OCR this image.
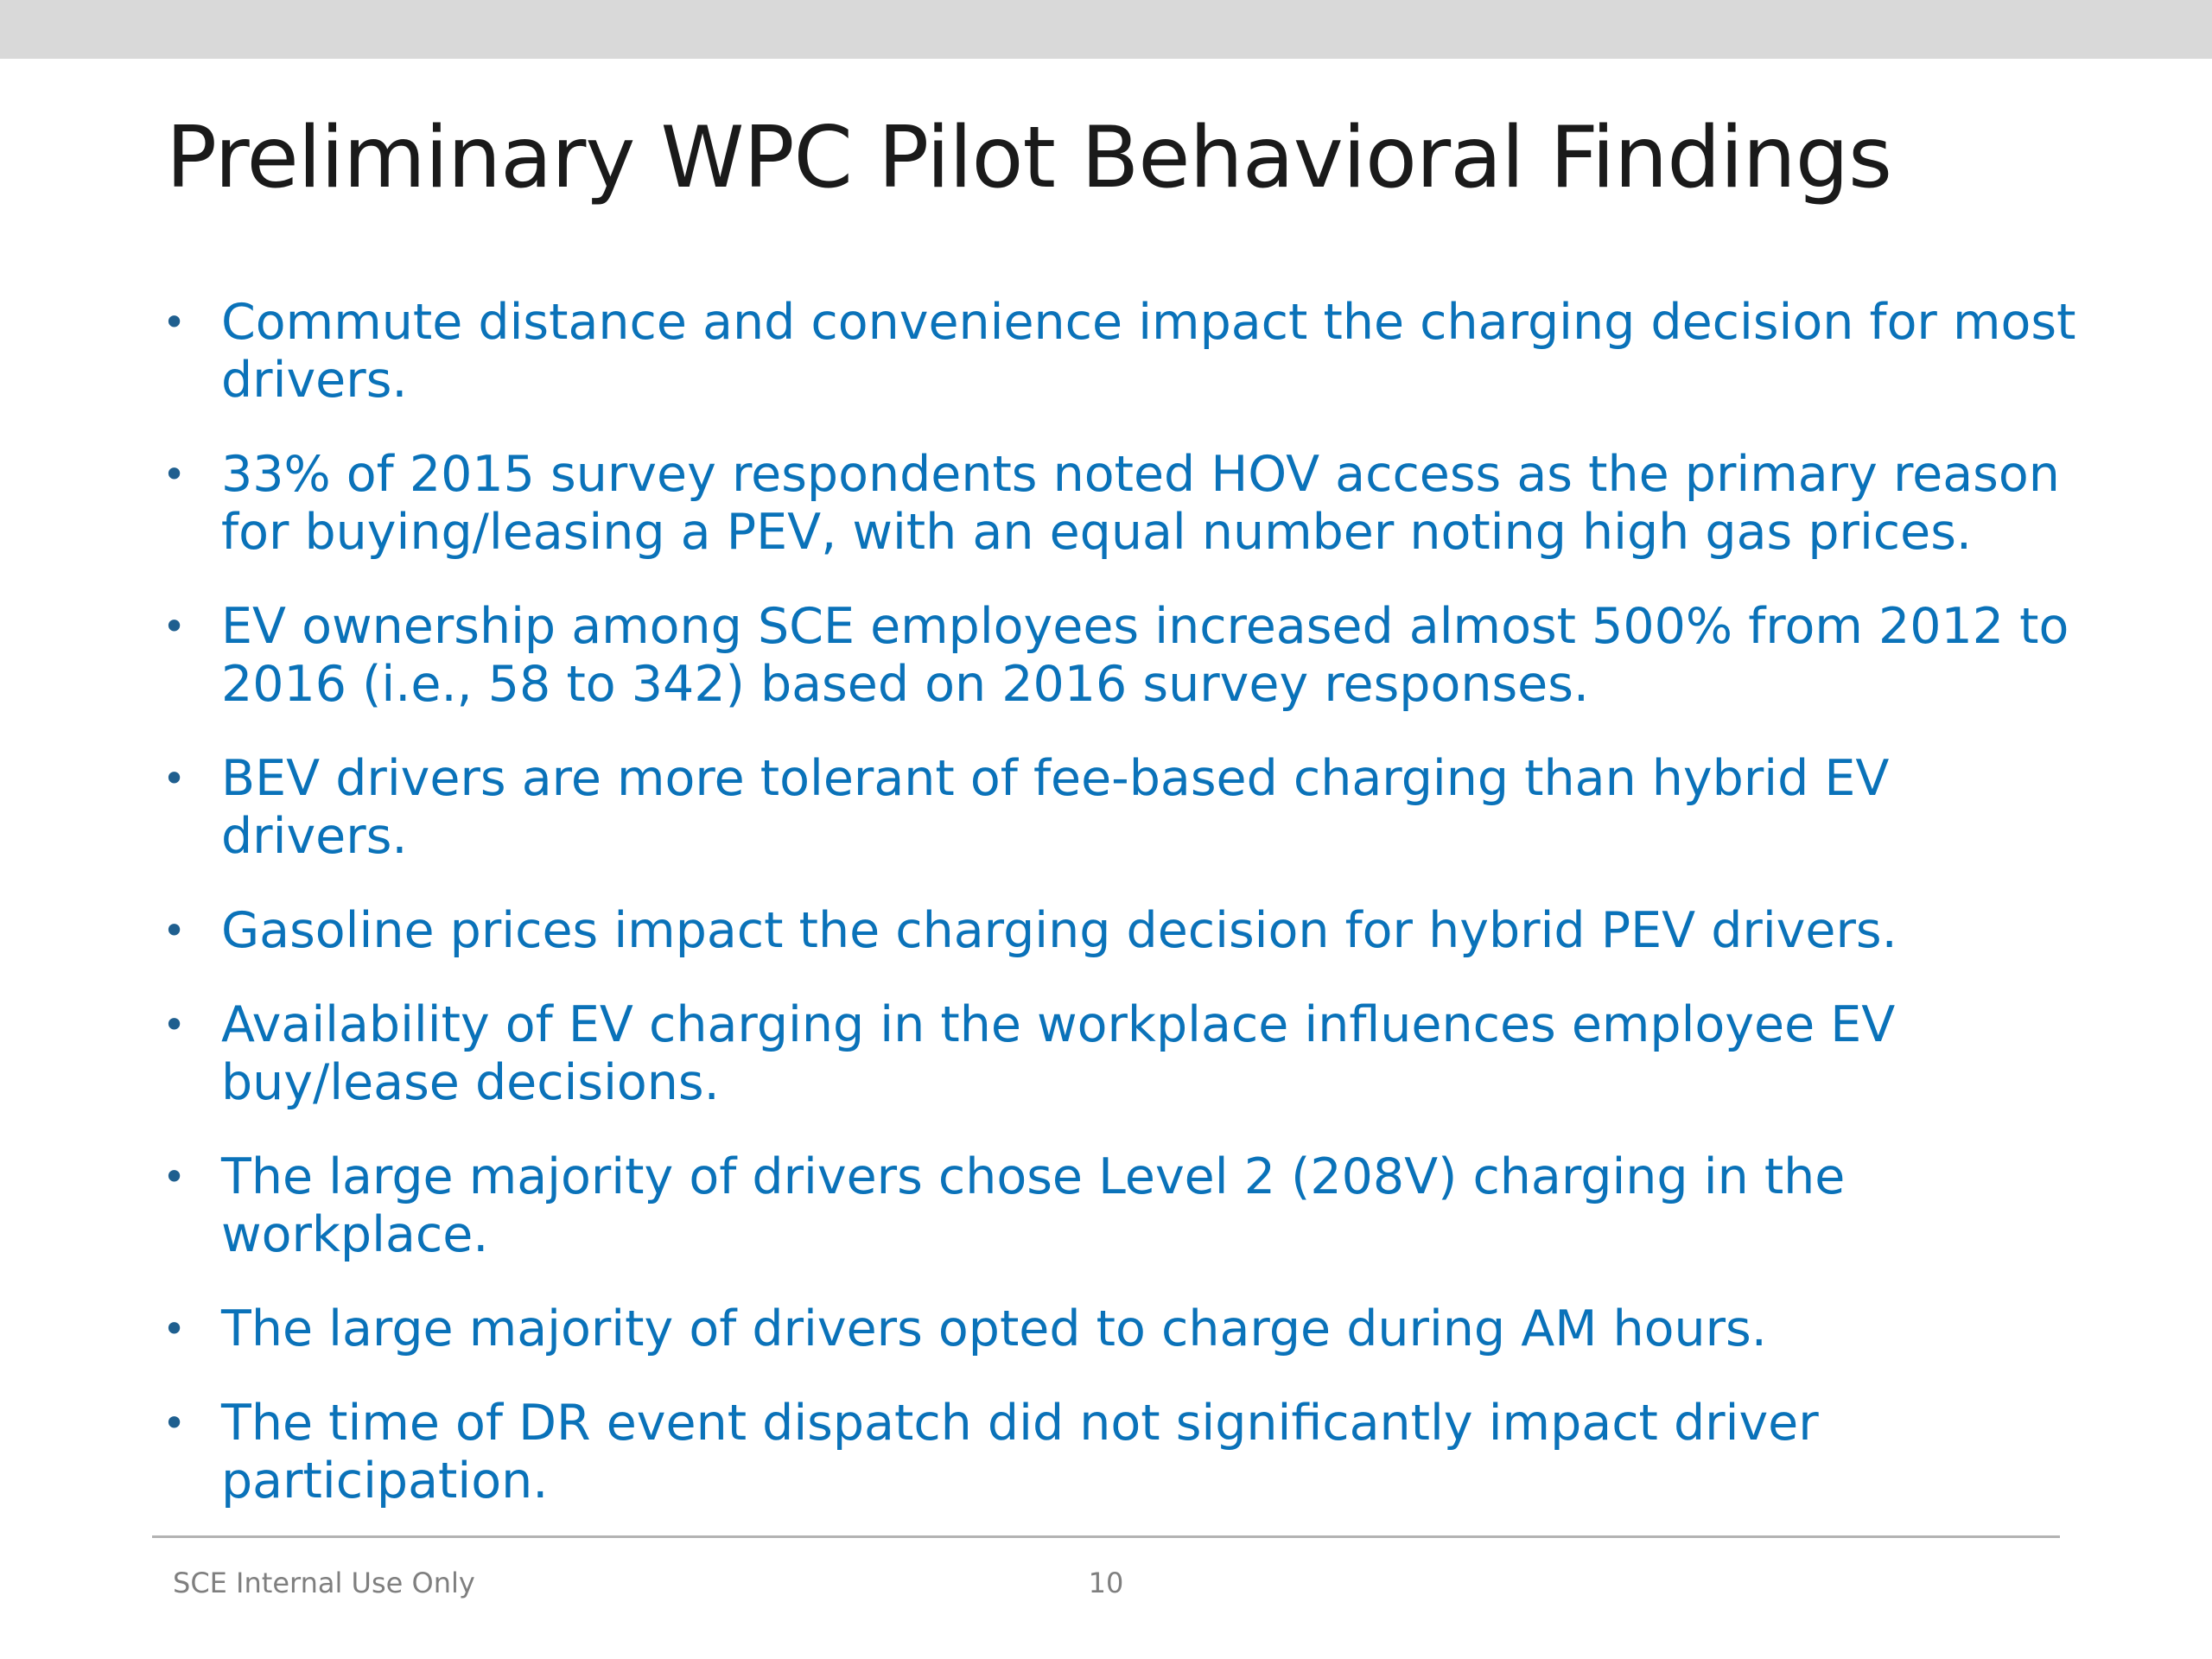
Preliminary WPC Pilot Behavioral Findings
• Commute distance and convenience impact the charging decision for most drivers.
• 33% of 2015 survey respondents noted HOV access as the primary reason for buying/leasing a PEV, with an equal number noting high gas prices.
• EV ownership among SCE employees increased almost 500% from 2012 to 2016 (i.e., 58 to 342) based on 2016 survey responses.
• BEV drivers are more tolerant of fee-based charging than hybrid EV drivers.
• Gasoline prices impact the charging decision for hybrid PEV drivers.
• Availability of EV charging in the workplace influences employee EV buy/lease decisions.
• The large majority of drivers chose Level 2 (208V) charging in the workplace.
• The large majority of drivers opted to charge during AM hours.
• The time of DR event dispatch did not significantly impact driver participation.
SCE Internal Use Only	10
